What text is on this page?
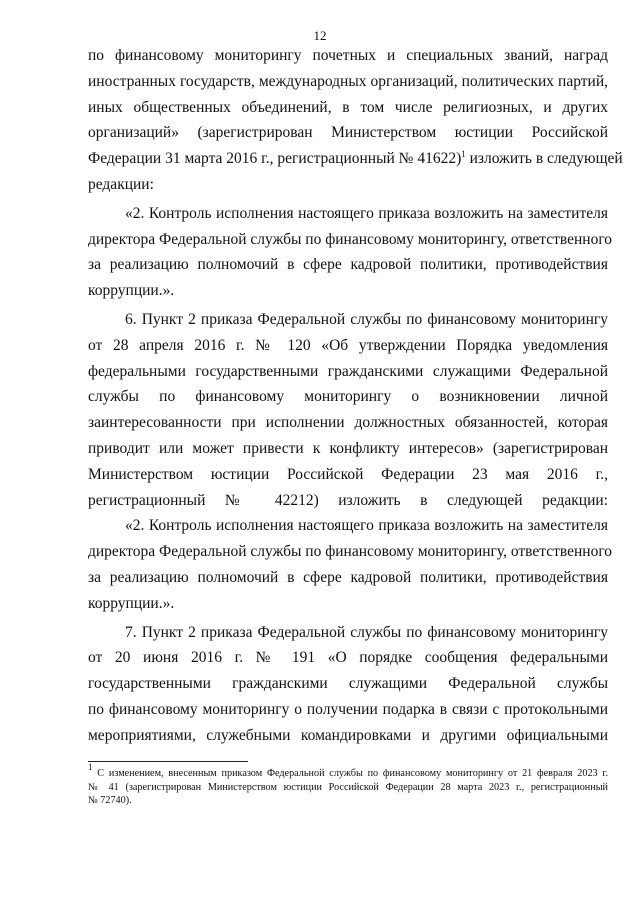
12
по финансовому мониторингу почетных и специальных званий, наград
иностранных государств, международных организаций, политических партий,
иных общественных объединений, в том числе религиозных, и других
организаций» (зарегистрирован Министерством юстиции Российской
Федерации 31 марта 2016 г., регистрационный № 41622)$^1$ изложить в следующей
редакции:
«2. Контроль исполнения настоящего приказа возложить на заместителя
директора Федеральной службы по финансовому мониторингу, ответственного
за реализацию полномочий в сфере кадровой политики, противодействия
коррупции.».
6. Пункт 2 приказа Федеральной службы по финансовому мониторингу
от 28 апреля 2016 г. № 120 «Об утверждении Порядка уведомления
федеральными государственными гражданскими служащими Федеральной
службы по финансовому мониторингу о возникновении личной
заинтересованности при исполнении должностных обязанностей, которая
приводит или может привести к конфликту интересов» (зарегистрирован
Министерством юстиции Российской Федерации 23 мая 2016 г.,
регистрационный № 42212) изложить в следующей редакции:
«2. Контроль исполнения настоящего приказа возложить на заместителя
директора Федеральной службы по финансовому мониторингу, ответственного
за реализацию полномочий в сфере кадровой политики, противодействия
коррупции.».
7. Пункт 2 приказа Федеральной службы по финансовому мониторингу
от 20 июня 2016 г. № 191 «О порядке сообщения федеральными
государственными гражданскими служащими Федеральной службы
по финансовому мониторингу о получении подарка в связи с протокольными
мероприятиями, служебными командировками и другими официальными
$^1$ С изменением, внесенным приказом Федеральной службы по финансовому мониторингу от 21 февраля 2023 г.
№ 41 (зарегистрирован Министерством юстиции Российской Федерации 28 марта 2023 г., регистрационный
№ 72740).
